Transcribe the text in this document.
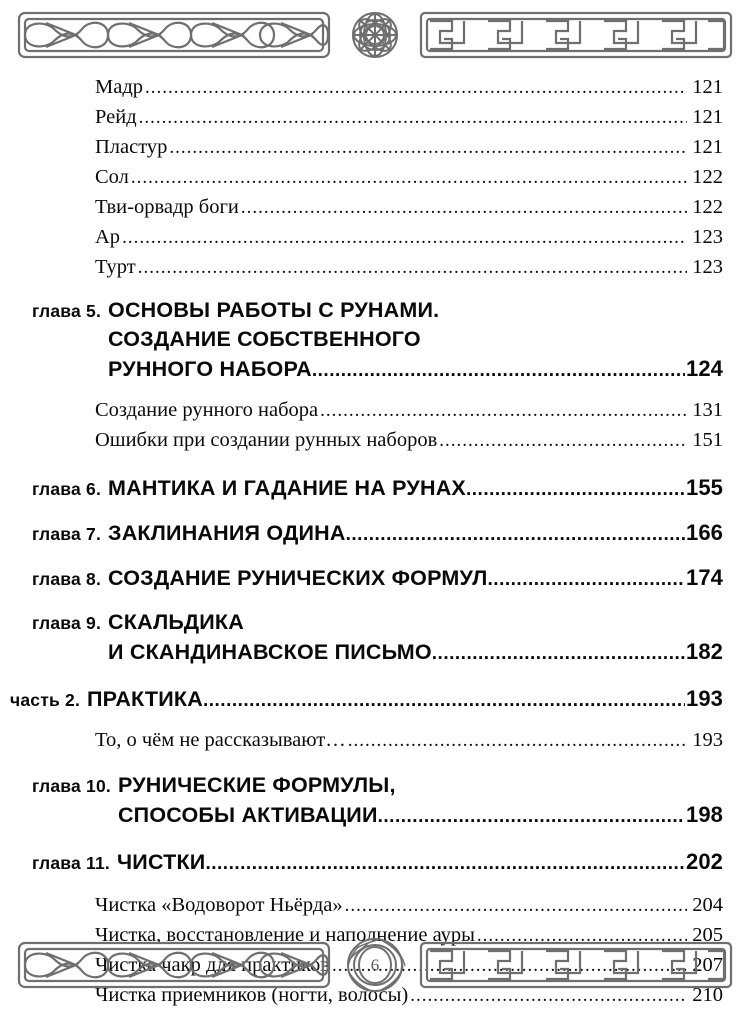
Мадр .....	121
Рейд .....	121
Пластур .....	121
Сол .....	122
Тви-орвадр боги .....	122
Ар .....	123
Турт .....	123
глава 5. ОСНОВЫ РАБОТЫ С РУНАМИ.
СОЗДАНИЕ СОБСТВЕННОГО
РУННОГО НАБОРА .....	124
Создание рунного набора .....	131
Ошибки при создании рунных наборов .....	151
глава 6. МАНТИКА И ГАДАНИЕ НА РУНАХ .....	155
глава 7. ЗАКЛИНАНИЯ ОДИНА .....	166
глава 8. СОЗДАНИЕ РУНИЧЕСКИХ ФОРМУЛ .....	174
глава 9. СКАЛЬДИКА
И СКАНДИНАВСКОЕ ПИСЬМО .....	182
часть 2. ПРАКТИКА .....	193
То, о чём не рассказывают… .....	193
глава 10. РУНИЧЕСКИЕ ФОРМУЛЫ,
СПОСОБЫ АКТИВАЦИИ .....	198
глава 11. ЧИСТКИ .....	202
Чистка «Водоворот Ньёрда» .....	204
Чистка, восстановление и наполнение ауры .....	205
Чистка чакр для практиков .....	207
Чистка приемников (ногти, волосы) .....	210
6
